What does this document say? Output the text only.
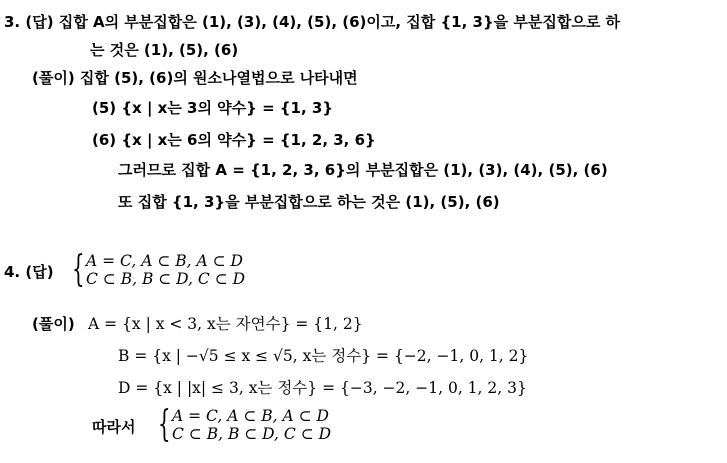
3. (답) 집합 A의 부분집합은 (1), (3), (4), (5), (6)이고, 집합 {1, 3}을 부분집합으로 하
는 것은 (1), (5), (6)
(풀이) 집합 (5), (6)의 원소나열법으로 나타내면
(5) {x | x는 3의 약수} = {1, 3}
(6) {x | x는 6의 약수} = {1, 2, 3, 6}
그러므로 집합 A = {1, 2, 3, 6}의 부분집합은 (1), (3), (4), (5), (6)
또 집합 {1, 3}을 부분집합으로 하는 것은 (1), (5), (6)
4. (답) { A = C, A ⊂ B, A ⊂ D
C ⊂ B, B ⊂ D, C ⊂ D
(풀이) A = {x | x < 3, x는 자연수} = {1, 2}
B = {x | −√5 ≤ x ≤ √5, x는 정수} = {−2, −1, 0, 1, 2}
D = {x | |x| ≤ 3, x는 정수} = {−3, −2, −1, 0, 1, 2, 3}
따라서 { A = C, A ⊂ B, A ⊂ D
C ⊂ B, B ⊂ D, C ⊂ D
